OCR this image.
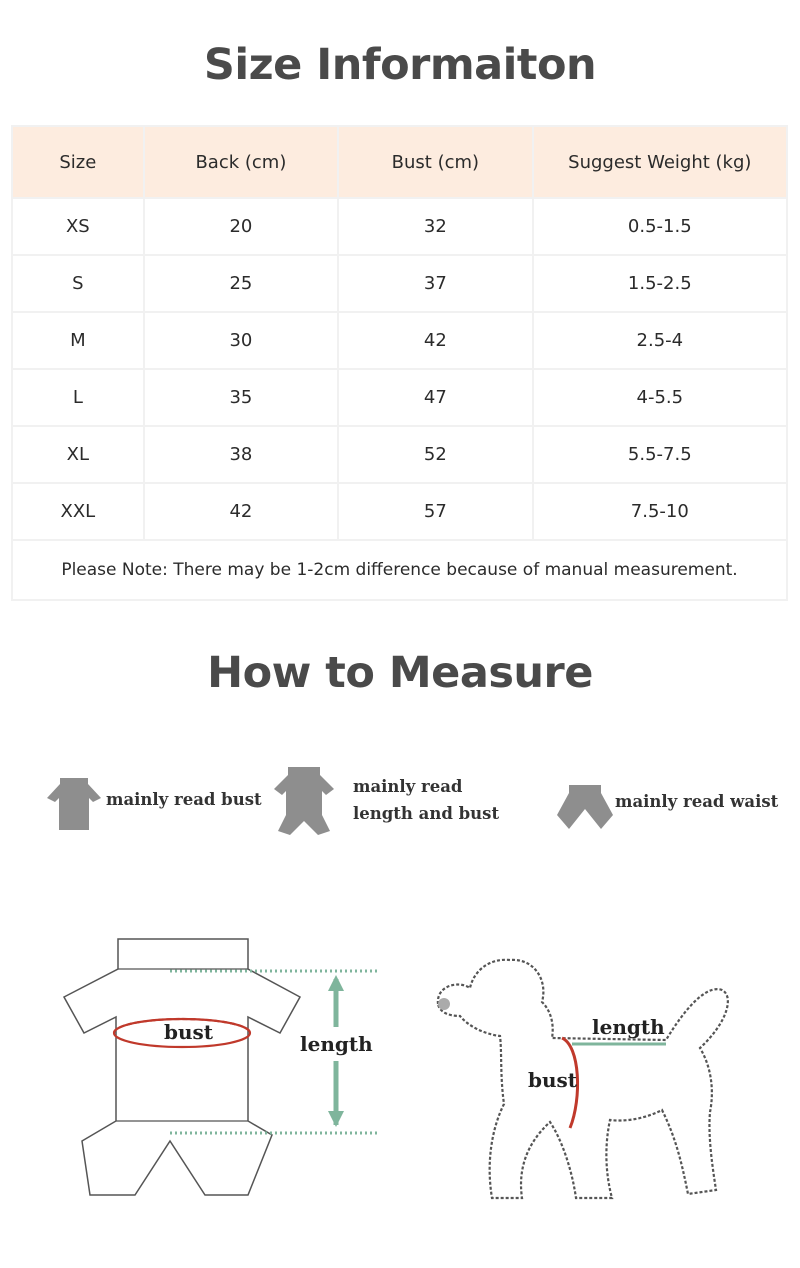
Size Informaiton
Size	Back (cm)	Bust (cm)	Suggest Weight (kg)
XS	20	32	0.5-1.5
S	25	37	1.5-2.5
M	30	42	2.5-4
L	35	47	4-5.5
XL	38	52	5.5-7.5
XXL	42	57	7.5-10
Please Note: There may be 1-2cm difference because of manual measurement.			
How to Measure
mainly read bust
mainly read
length and bust
mainly read waist
bust	length
length
bust
